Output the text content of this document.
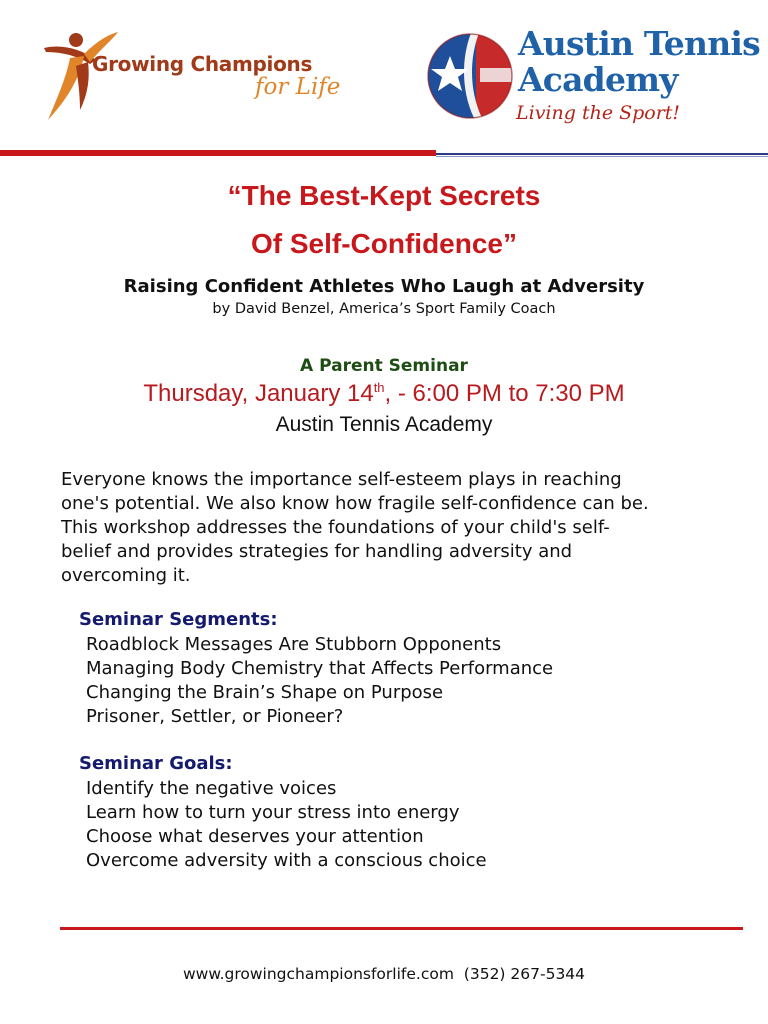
Growing Champions
for Life
Austin Tennis
Academy
Living the Sport!
“The Best-Kept Secrets
Of Self-Confidence”
Raising Confident Athletes Who Laugh at Adversity
by David Benzel, America’s Sport Family Coach
A Parent Seminar
Thursday, January 14th, - 6:00 PM to 7:30 PM
Austin Tennis Academy
Everyone knows the importance self-esteem plays in reaching
one's potential. We also know how fragile self-confidence can be.
This workshop addresses the foundations of your child's self-
belief and provides strategies for handling adversity and
overcoming it.
Seminar Segments:
Roadblock Messages Are Stubborn Opponents
Managing Body Chemistry that Affects Performance
Changing the Brain’s Shape on Purpose
Prisoner, Settler, or Pioneer?
Seminar Goals:
Identify the negative voices
Learn how to turn your stress into energy
Choose what deserves your attention
Overcome adversity with a conscious choice
www.growingchampionsforlife.com (352) 267-5344
